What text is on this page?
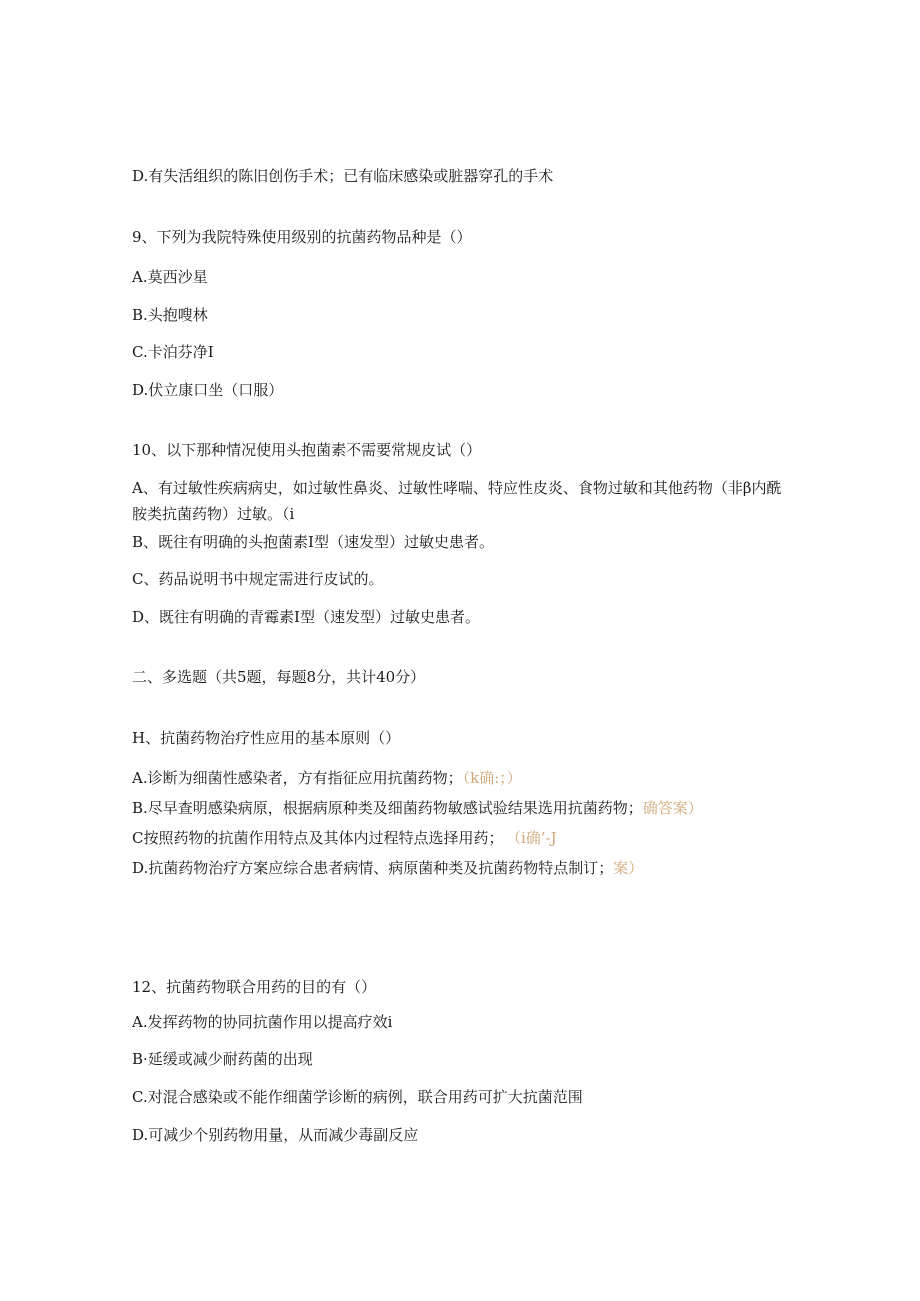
D.有失活组织的陈旧创伤手术；已有临床感染或脏器穿孔的手术
9、下列为我院特殊使用级别的抗菌药物品种是（）
A.莫西沙星
B.头抱嗖林
C.卡泊芬净I
D.伏立康口坐（口服）
10、以下那种情况使用头抱菌素不需要常规皮试（）
A、有过敏性疾病病史，如过敏性鼻炎、过敏性哮喘、特应性皮炎、食物过敏和其他药物（非β内酰胺类抗菌药物）过敏。（i
B、既往有明确的头抱菌素I型（速发型）过敏史患者。
C、药品说明书中规定需进行皮试的。
D、既往有明确的青霉素I型（速发型）过敏史患者。
二、多选题（共5题，每题8分，共计40分）
H、抗菌药物治疗性应用的基本原则（）
A.诊断为细菌性感染者，方有指征应用抗菌药物；（k确:；）
B.尽早查明感染病原，根据病原种类及细菌药物敏感试验结果选用抗菌药物；确答案）
C按照药物的抗菌作用特点及其体内过程特点选择用药； （i确’-J
D.抗菌药物治疗方案应综合患者病情、病原菌种类及抗菌药物特点制订；案）
12、抗菌药物联合用药的目的有（）
A.发挥药物的协同抗菌作用以提高疗效i
B·延缓或减少耐药菌的出现
C.对混合感染或不能作细菌学诊断的病例，联合用药可扩大抗菌范围
D.可减少个别药物用量，从而减少毒副反应
